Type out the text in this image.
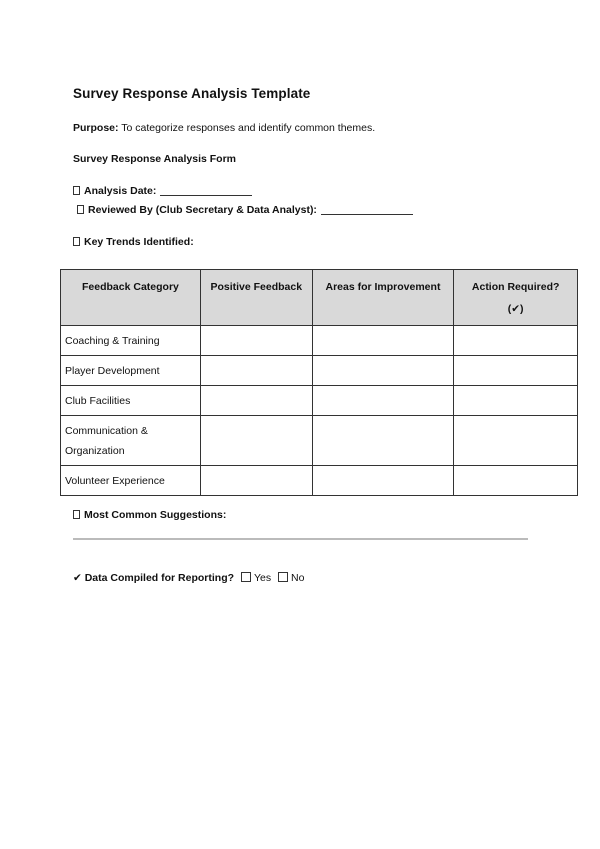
Survey Response Analysis Template
Purpose: To categorize responses and identify common themes.
Survey Response Analysis Form
Analysis Date:
Reviewed By (Club Secretary & Data Analyst):
Key Trends Identified:
Feedback Category	Positive Feedback	Areas for Improvement	Action Required?
(✔)
Coaching & Training			
Player Development			
Club Facilities			
Communication & Organization			
Volunteer Experience			
Most Common Suggestions:
✔ Data Compiled for Reporting? Yes No
